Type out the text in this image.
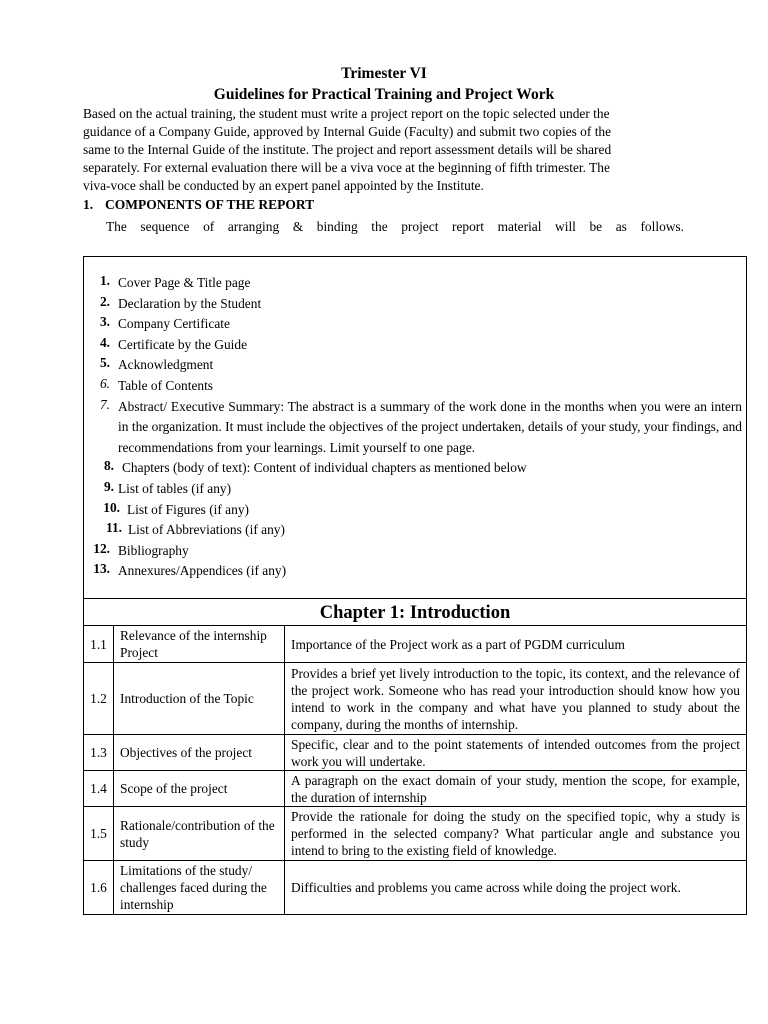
Trimester VI
Guidelines for Practical Training and Project Work
Based on the actual training, the student must write a project report on the topic selected under the
guidance of a Company Guide, approved by Internal Guide (Faculty) and submit two copies of the
same to the Internal Guide of the institute. The project and report assessment details will be shared
separately. For external evaluation there will be a viva voce at the beginning of fifth trimester. The
viva-voce shall be conducted by an expert panel appointed by the Institute.
1. COMPONENTS OF THE REPORT
The sequence of arranging & binding the project report material will be as follows.
1. Cover Page & Title page
2. Declaration by the Student
3. Company Certificate
4. Certificate by the Guide
5. Acknowledgment
6. Table of Contents
7. Abstract/ Executive Summary: The abstract is a summary of the work done in the months when you were an intern in the organization. It must include the objectives of the project undertaken, details of your study, your findings, and recommendations from your learnings. Limit yourself to one page.
8. Chapters (body of text): Content of individual chapters as mentioned below
9. List of tables (if any)
10. List of Figures (if any)
11. List of Abbreviations (if any)
12. Bibliography
13. Annexures/Appendices (if any)
Chapter 1: Introduction
1.1	Relevance of the internship Project	Importance of the Project work as a part of PGDM curriculum
1.2	Introduction of the Topic	Provides a brief yet lively introduction to the topic, its context, and the relevance of the project work. Someone who has read your introduction should know how you intend to work in the company and what have you planned to study about the company, during the months of internship.
1.3	Objectives of the project	Specific, clear and to the point statements of intended outcomes from the project work you will undertake.
1.4	Scope of the project	A paragraph on the exact domain of your study, mention the scope, for example, the duration of internship
1.5	Rationale/contribution of the study	Provide the rationale for doing the study on the specified topic, why a study is performed in the selected company? What particular angle and substance you intend to bring to the existing field of knowledge.
1.6	Limitations of the study/ challenges faced during the internship	Difficulties and problems you came across while doing the project work.
